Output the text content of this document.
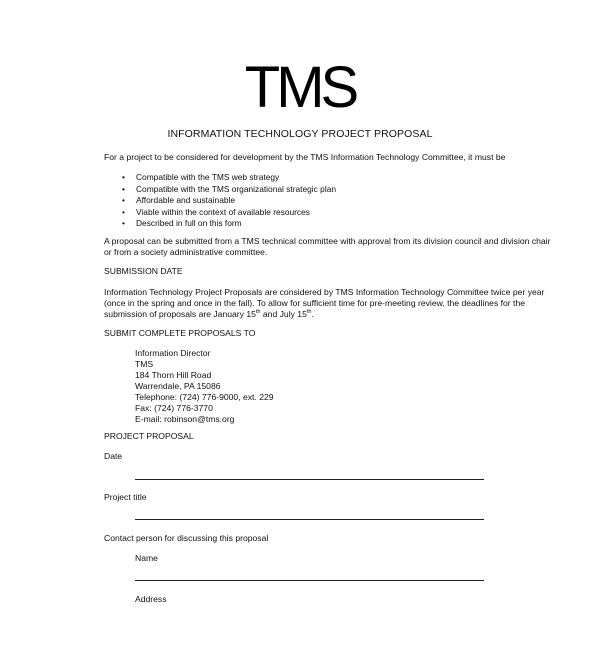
TMS
INFORMATION TECHNOLOGY PROJECT PROPOSAL
For a project to be considered for development by the TMS Information Technology Committee, it must be
• Compatible with the TMS web strategy
• Compatible with the TMS organizational strategic plan
• Affordable and sustainable
• Viable within the context of available resources
• Described in full on this form
A proposal can be submitted from a TMS technical committee with approval from its division council and division chair
or from a society administrative committee.
SUBMISSION DATE
Information Technology Project Proposals are considered by TMS Information Technology Committee twice per year
(once in the spring and once in the fall). To allow for sufficient time for pre-meeting review, the deadlines for the
submission of proposals are January 15th and July 15th.
SUBMIT COMPLETE PROPOSALS TO
Information Director
TMS
184 Thorn Hill Road
Warrendale, PA 15086
Telephone: (724) 776-9000, ext. 229
Fax: (724) 776-3770
E-mail: robinson@tms.org
PROJECT PROPOSAL
Date
Project title
Contact person for discussing this proposal
Name
Address
